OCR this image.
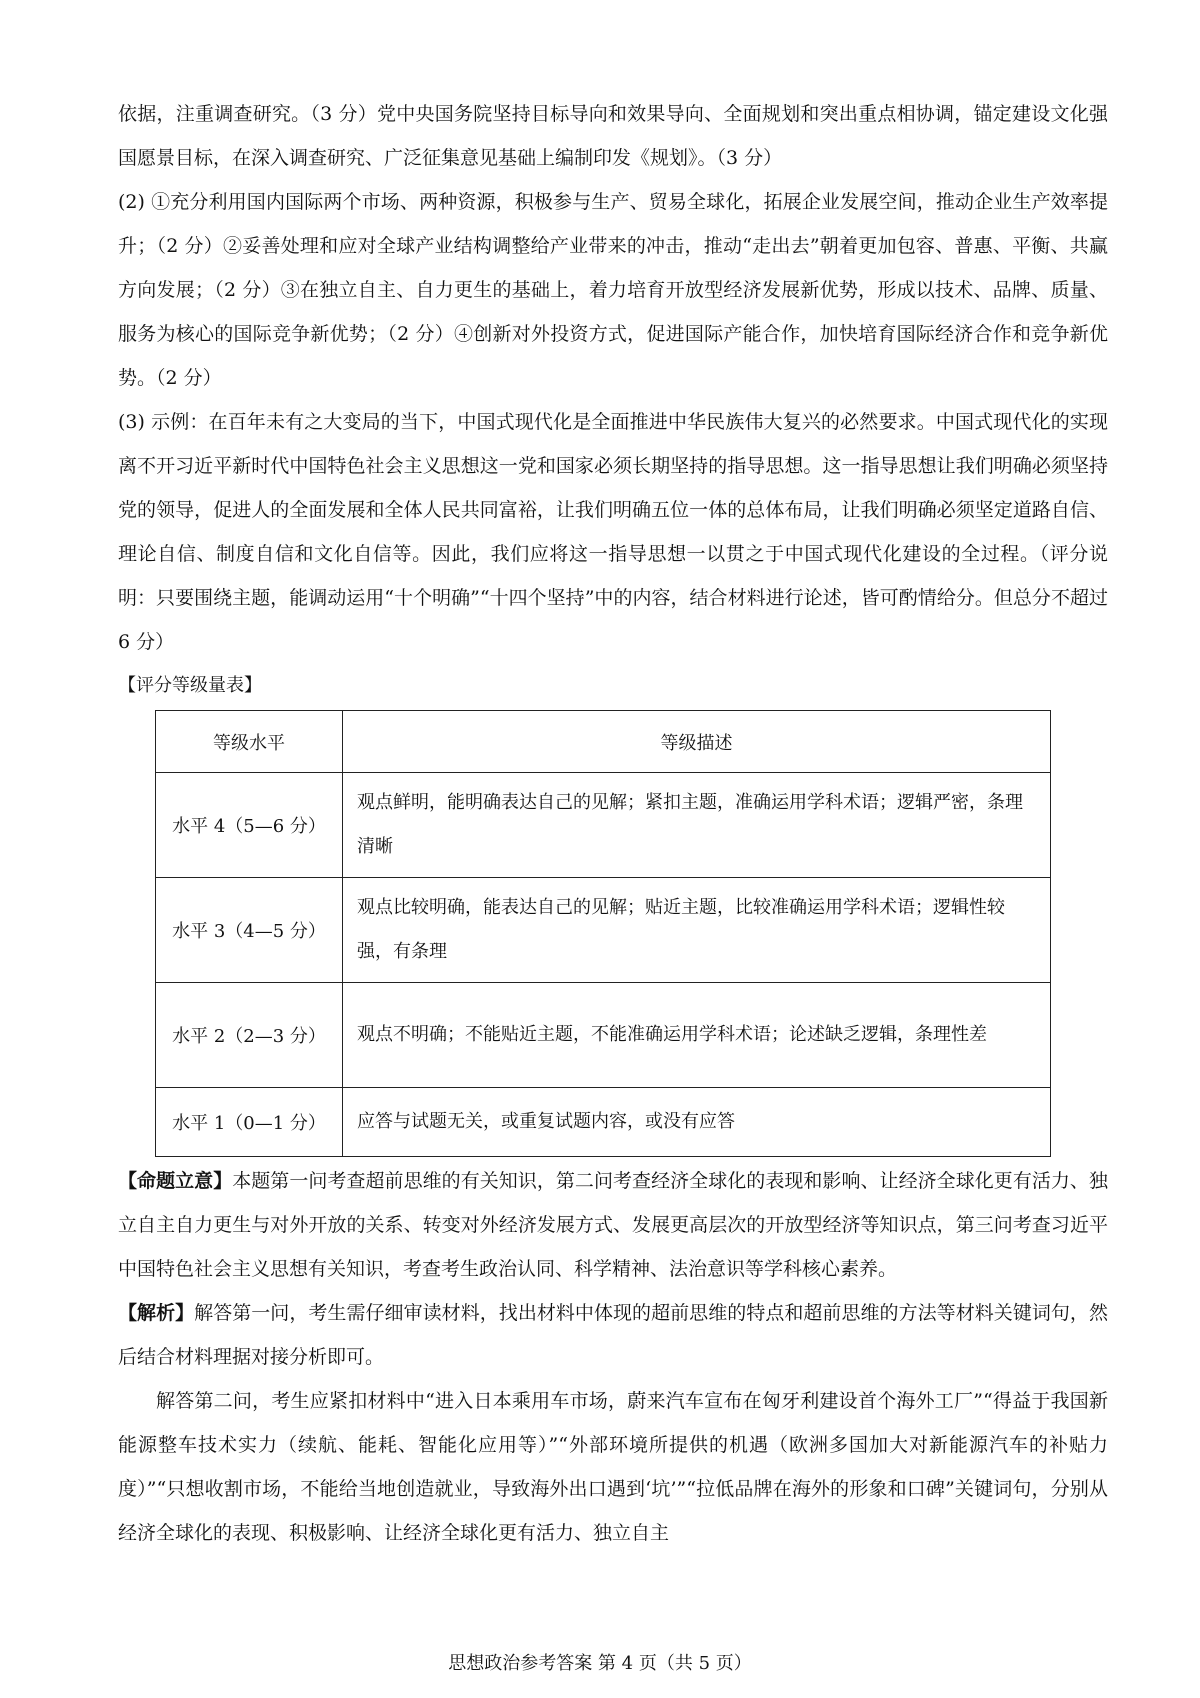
依据，注重调查研究。（3 分）党中央国务院坚持目标导向和效果导向、全面规划和突出重点相协调，锚定建设文化强国愿景目标，在深入调查研究、广泛征集意见基础上编制印发《规划》。（3 分）

(2) ①充分利用国内国际两个市场、两种资源，积极参与生产、贸易全球化，拓展企业发展空间，推动企业生产效率提升；（2 分）②妥善处理和应对全球产业结构调整给产业带来的冲击，推动“走出去”朝着更加包容、普惠、平衡、共赢方向发展；（2 分）③在独立自主、自力更生的基础上，着力培育开放型经济发展新优势，形成以技术、品牌、质量、服务为核心的国际竞争新优势；（2 分）④创新对外投资方式，促进国际产能合作，加快培育国际经济合作和竞争新优势。（2 分）

(3) 示例：在百年未有之大变局的当下，中国式现代化是全面推进中华民族伟大复兴的必然要求。中国式现代化的实现离不开习近平新时代中国特色社会主义思想这一党和国家必须长期坚持的指导思想。这一指导思想让我们明确必须坚持党的领导，促进人的全面发展和全体人民共同富裕，让我们明确五位一体的总体布局，让我们明确必须坚定道路自信、理论自信、制度自信和文化自信等。因此，我们应将这一指导思想一以贯之于中国式现代化建设的全过程。（评分说明：只要围绕主题，能调动运用“十个明确”“十四个坚持”中的内容，结合材料进行论述，皆可酌情给分。但总分不超过 6 分）

【评分等级量表】

等级水平	等级描述
水平 4（5—6 分）	观点鲜明，能明确表达自己的见解；紧扣主题，准确运用学科术语；逻辑严密，条理清晰
水平 3（4—5 分）	观点比较明确，能表达自己的见解；贴近主题，比较准确运用学科术语；逻辑性较强，有条理
水平 2（2—3 分）	观点不明确；不能贴近主题，不能准确运用学科术语；论述缺乏逻辑，条理性差
水平 1（0—1 分）	应答与试题无关，或重复试题内容，或没有应答

【命题立意】本题第一问考查超前思维的有关知识，第二问考查经济全球化的表现和影响、让经济全球化更有活力、独立自主自力更生与对外开放的关系、转变对外经济发展方式、发展更高层次的开放型经济等知识点，第三问考查习近平中国特色社会主义思想有关知识，考查考生政治认同、科学精神、法治意识等学科核心素养。

【解析】解答第一问，考生需仔细审读材料，找出材料中体现的超前思维的特点和超前思维的方法等材料关键词句，然后结合材料理据对接分析即可。

解答第二问，考生应紧扣材料中“进入日本乘用车市场，蔚来汽车宣布在匈牙利建设首个海外工厂”“得益于我国新能源整车技术实力（续航、能耗、智能化应用等）”“外部环境所提供的机遇（欧洲多国加大对新能源汽车的补贴力度）”“只想收割市场，不能给当地创造就业，导致海外出口遇到‘坑’”“拉低品牌在海外的形象和口碑”关键词句，分别从经济全球化的表现、积极影响、让经济全球化更有活力、独立自主

思想政治参考答案 第 4 页（共 5 页）
